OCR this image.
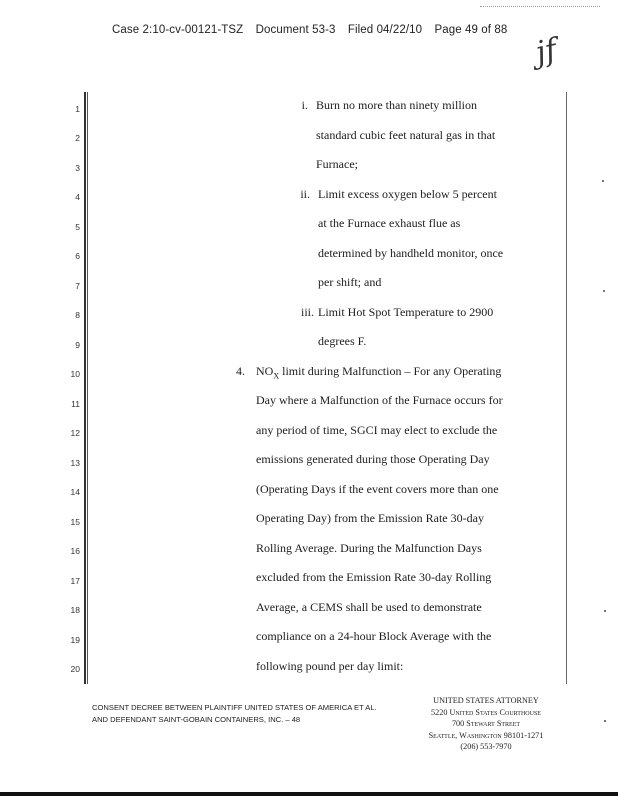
Case 2:10-cv-00121-TSZ Document 53-3 Filed 04/22/10 Page 49 of 88
jf
1
2
3
4
5
6
7
8
9
10
11
12
13
14
15
16
17
18
19
20
i. Burn no more than ninety million
standard cubic feet natural gas in that
Furnace;
ii. Limit excess oxygen below 5 percent
at the Furnace exhaust flue as
determined by handheld monitor, once
per shift; and
iii. Limit Hot Spot Temperature to 2900
degrees F.
4. $NO_X$ limit during Malfunction – For any Operating
Day where a Malfunction of the Furnace occurs for
any period of time, SGCI may elect to exclude the
emissions generated during those Operating Day
(Operating Days if the event covers more than one
Operating Day) from the Emission Rate 30-day
Rolling Average. During the Malfunction Days
excluded from the Emission Rate 30-day Rolling
Average, a CEMS shall be used to demonstrate
compliance on a 24-hour Block Average with the
following pound per day limit:
CONSENT DECREE BETWEEN PLAINTIFF UNITED STATES OF AMERICA ET AL.
AND DEFENDANT SAINT-GOBAIN CONTAINERS, INC. – 48
UNITED STATES ATTORNEY
5220 United States Courthouse
700 Stewart Street
Seattle, Washington 98101-1271
(206) 553-7970
